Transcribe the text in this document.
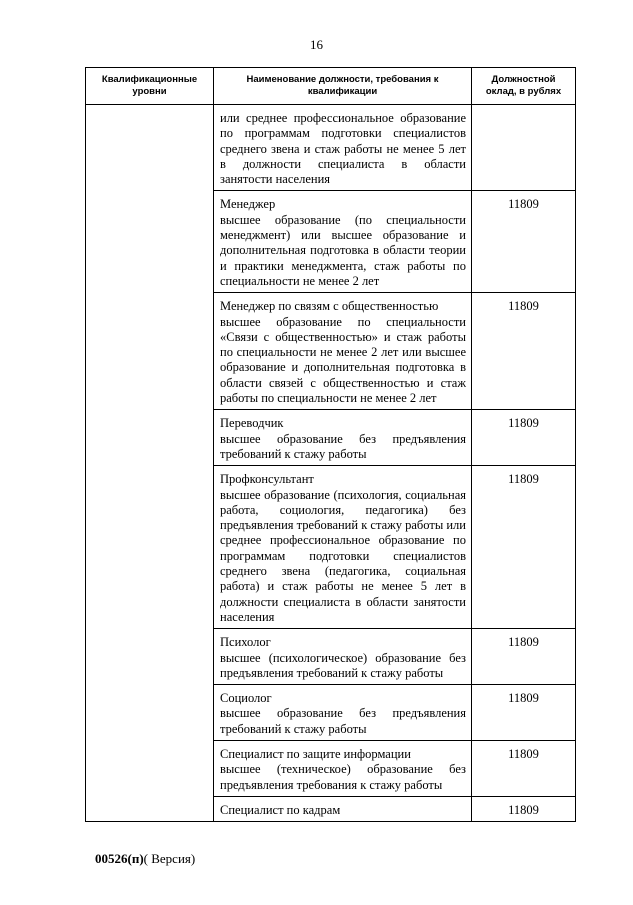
16
Квалификационные уровни	Наименование должности, требования к квалификации	Должностной оклад, в рублях

	или среднее профессиональное образование по программам подготовки специалистов среднего звена и стаж работы не менее 5 лет в должности специалиста в области занятости населения	

	Менеджер
высшее образование (по специальности менеджмент) или высшее образование и дополнительная подготовка в области теории и практики менеджмента, стаж работы по специальности не менее 2 лет	11809

	Менеджер по связям с общественностью
высшее образование по специальности «Связи с общественностью» и стаж работы по специальности не менее 2 лет или высшее образование и дополнительная подготовка в области связей с общественностью и стаж работы по специальности не менее 2 лет	11809

	Переводчик
высшее образование без предъявления требований к стажу работы	11809

	Профконсультант
высшее образование (психология, социальная работа, социология, педагогика) без предъявления требований к стажу работы или среднее профессиональное образование по программам подготовки специалистов среднего звена (педагогика, социальная работа) и стаж работы не менее 5 лет в должности специалиста в области занятости населения	11809

	Психолог
высшее (психологическое) образование без предъявления требований к стажу работы	11809

	Социолог
высшее образование без предъявления требований к стажу работы	11809

	Специалист по защите информации
высшее (техническое) образование без предъявления требования к стажу работы	11809

	Специалист по кадрам	11809
00526(п)( Версия)
